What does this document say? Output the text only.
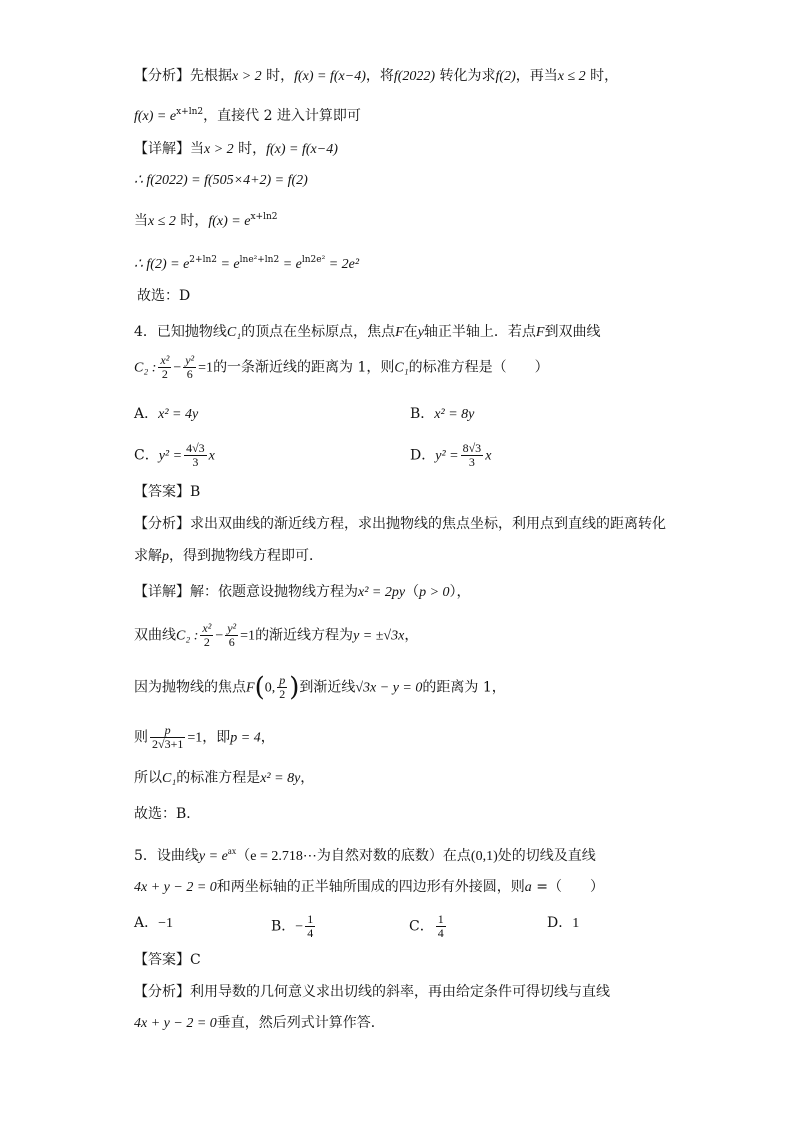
【分析】先根据x > 2 时，f(x) = f(x−4)，将f(2022) 转化为求f(2)，再当x ≤ 2 时，
$f(x) = e^{x+ln2}$，直接代 2 进入计算即可
【详解】当x > 2 时，f(x) = f(x−4)
∴ f(2022) = f(505×4+2) = f(2)
当x ≤ 2 时，$f(x) = e^{x+ln2}$
∴ $f(2) = e^{2+ln2} = e^{lne^2+ln2} = e^{ln2e^2} = 2e^2$
故选：D
4．已知抛物线C₁的顶点在坐标原点，焦点F在y轴正半轴上．若点F到双曲线
C₂ : $\frac{\text{x²}}{2} - \frac{\text{y²}}{6} =1$的一条渐近线的距离为 1，则C₁的标准方程是（　　）
A．x² = 4y	B．x² = 8y
C．$y^2 = \frac{4√3}{3}$ x	D．$y^2 = \frac{8√3}{3}$ x
【答案】B
【分析】求出双曲线的渐近线方程，求出抛物线的焦点坐标，利用点到直线的距离转化
求解p，得到抛物线方程即可．
【详解】解：依题意设抛物线方程为x² = 2py（p > 0），
双曲线C₂ : $\frac{\text{x²}}{2} - \frac{\text{y²}}{6} =1$的渐近线方程为y = ±√3x，
因为抛物线的焦点F(0, $\frac{p}{2}$ )到渐近线√3x − y = 0的距离为 1，
则 $\frac{p}{2√3+1} =1$，即p = 4，
所以C₁的标准方程是x² = 8y，
故选：B．
5．设曲线$y = e^{ax}(e$ = 2.718⋯为自然对数的底数）在点(0,1)处的切线及直线
4x + y − 2 = 0和两坐标轴的正半轴所围成的四边形有外接圆，则a =（　　）
A．−1	B．− $\frac{1}{4}$	C． $\frac{1}{4}$	D．1
【答案】C
【分析】利用导数的几何意义求出切线的斜率，再由给定条件可得切线与直线
4x + y − 2 = 0垂直，然后列式计算作答．
